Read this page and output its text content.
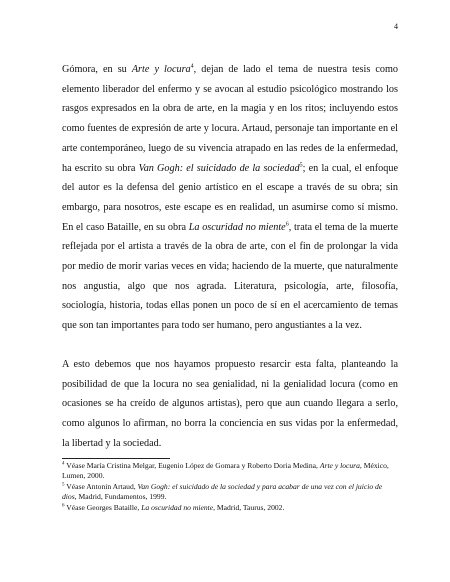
4

Gómora, en su Arte y locura$^4$, dejan de lado el tema de nuestra tesis como elemento liberador del enfermo y se avocan al estudio psicológico mostrando los rasgos expresados en la obra de arte, en la magia y en los ritos; incluyendo estos como fuentes de expresión de arte y locura. Artaud, personaje tan importante en el arte contemporáneo, luego de su vivencia atrapado en las redes de la enfermedad, ha escrito su obra Van Gogh: el suicidado de la sociedad$^5$; en la cual, el enfoque del autor es la defensa del genio artístico en el escape a través de su obra; sin embargo, para nosotros, este escape es en realidad, un asumirse como sí mismo. En el caso Bataille, en su obra La oscuridad no miente$^6$, trata el tema de la muerte reflejada por el artista a través de la obra de arte, con el fin de prolongar la vida por medio de morir varias veces en vida; haciendo de la muerte, que naturalmente nos angustia, algo que nos agrada. Literatura, psicología, arte, filosofía, sociología, historia, todas ellas ponen un poco de sí en el acercamiento de temas que son tan importantes para todo ser humano, pero angustiantes a la vez.

A esto debemos que nos hayamos propuesto resarcir esta falta, planteando la posibilidad de que la locura no sea genialidad, ni la genialidad locura (como en ocasiones se ha creído de algunos artistas), pero que aun cuando llegara a serlo, como algunos lo afirman, no borra la conciencia en sus vidas por la enfermedad, la libertad y la sociedad.

$^4$ Véase María Cristina Melgar, Eugenio López de Gomara y Roberto Doria Medina, Arte y locura, México, Lumen, 2000.

$^5$ Véase Antonin Artaud, Van Gogh: el suicidado de la sociedad y para acabar de una vez con el juicio de dios, Madrid, Fundamentos, 1999.

$^6$ Véase Georges Bataille, La oscuridad no miente, Madrid, Taurus, 2002.
